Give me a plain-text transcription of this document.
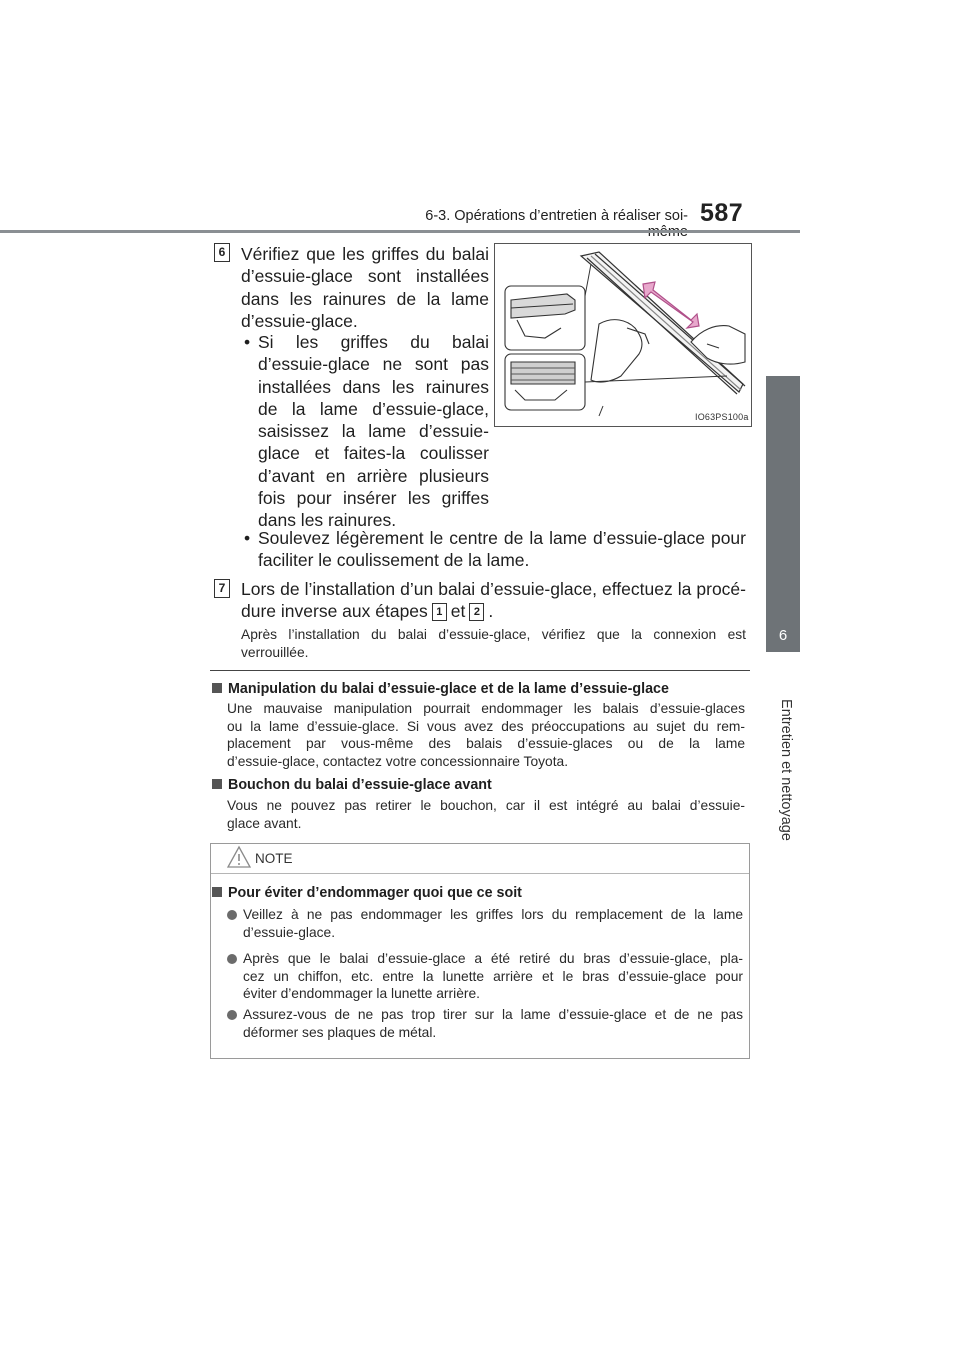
6-3. Opérations d’entretien à réaliser soi- 587
6
Entretien et nettoyage
6 Vérifiez que les griffes du balai
d’essuie-glace sont installées
dans les rainures de la lame
d’essuie-glace.
• Si les griffes du balai
d’essuie-glace ne sont pas
installées dans les rainures
de la lame d’essuie-glace,
saisissez la lame d’essuie-
glace et faites-la coulisser
d’avant en arrière plusieurs
fois pour insérer les griffes
dans les rainures.
• Soulevez légèrement le centre de la lame d’essuie-glace pour
faciliter le coulissement de la lame.
IO63PS100a
7 Lors de l’installation d’un balai d’essuie-glace, effectuez la procé-
dure inverse aux étapes 1 et 2 .
Après l’installation du balai d’essuie-glace, vérifiez que la connexion est
verrouillée.
Manipulation du balai d’essuie-glace et de la lame d’essuie-glace
Une mauvaise manipulation pourrait endommager les balais d’essuie-glaces
ou la lame d’essuie-glace. Si vous avez des préoccupations au sujet du rem-
placement par vous-même des balais d’essuie-glaces ou de la lame
d’essuie-glace, contactez votre concessionnaire Toyota.
Bouchon du balai d’essuie-glace avant
Vous ne pouvez pas retirer le bouchon, car il est intégré au balai d’essuie-
glace avant.
NOTE
Pour éviter d’endommager quoi que ce soit
Veillez à ne pas endommager les griffes lors du remplacement de la lame
d’essuie-glace.
Après que le balai d’essuie-glace a été retiré du bras d’essuie-glace, pla-
cez un chiffon, etc. entre la lunette arrière et le bras d’essuie-glace pour
éviter d’endommager la lunette arrière.
Assurez-vous de ne pas trop tirer sur la lame d’essuie-glace et de ne pas
déformer ses plaques de métal.
